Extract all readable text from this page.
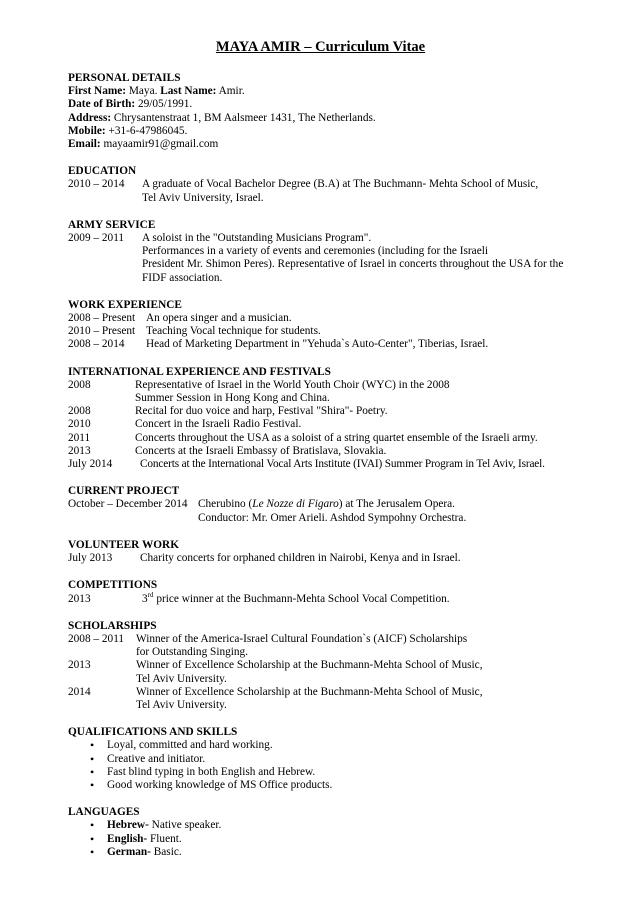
MAYA AMIR – Curriculum Vitae
PERSONAL DETAILS
First Name: Maya. Last Name: Amir.
Date of Birth: 29/05/1991.
Address: Chrysantenstraat 1, BM Aalsmeer 1431, The Netherlands.
Mobile: +31-6-47986045.
Email: mayaamir91@gmail.com
EDUCATION
2010 – 2014	A graduate of Vocal Bachelor Degree (B.A) at The Buchmann- Mehta School of Music,
Tel Aviv University, Israel.
ARMY SERVICE
2009 – 2011	A soloist in the "Outstanding Musicians Program".
Performances in a variety of events and ceremonies (including for the Israeli
President Mr. Shimon Peres). Representative of Israel in concerts throughout the USA for the
FIDF association.
WORK EXPERIENCE
2008 – Present An opera singer and a musician.
2010 – Present Teaching Vocal technique for students.
2008 – 2014	Head of Marketing Department in "Yehuda`s Auto-Center", Tiberias, Israel.
INTERNATIONAL EXPERIENCE AND FESTIVALS
2008	Representative of Israel in the World Youth Choir (WYC) in the 2008
Summer Session in Hong Kong and China.
2008	Recital for duo voice and harp, Festival "Shira"- Poetry.
2010	Concert in the Israeli Radio Festival.
2011	Concerts throughout the USA as a soloist of a string quartet ensemble of the Israeli army.
2013	Concerts at the Israeli Embassy of Bratislava, Slovakia.
July 2014	Concerts at the International Vocal Arts Institute (IVAI) Summer Program in Tel Aviv, Israel.
CURRENT PROJECT
October – December 2014 Cherubino (Le Nozze di Figaro) at The Jerusalem Opera.
Conductor: Mr. Omer Arieli. Ashdod Sympohny Orchestra.
VOLUNTEER WORK
July 2013	Charity concerts for orphaned children in Nairobi, Kenya and in Israel.
COMPETITIONS
2013	3rd price winner at the Buchmann-Mehta School Vocal Competition.
SCHOLARSHIPS
2008 – 2011	Winner of the America-Israel Cultural Foundation`s (AICF) Scholarships
for Outstanding Singing.
2013	Winner of Excellence Scholarship at the Buchmann-Mehta School of Music,
Tel Aviv University.
2014	Winner of Excellence Scholarship at the Buchmann-Mehta School of Music,
Tel Aviv University.
QUALIFICATIONS AND SKILLS
•	Loyal, committed and hard working.
•	Creative and initiator.
•	Fast blind typing in both English and Hebrew.
•	Good working knowledge of MS Office products.
LANGUAGES
•	Hebrew- Native speaker.
•	English- Fluent.
•	German- Basic.
